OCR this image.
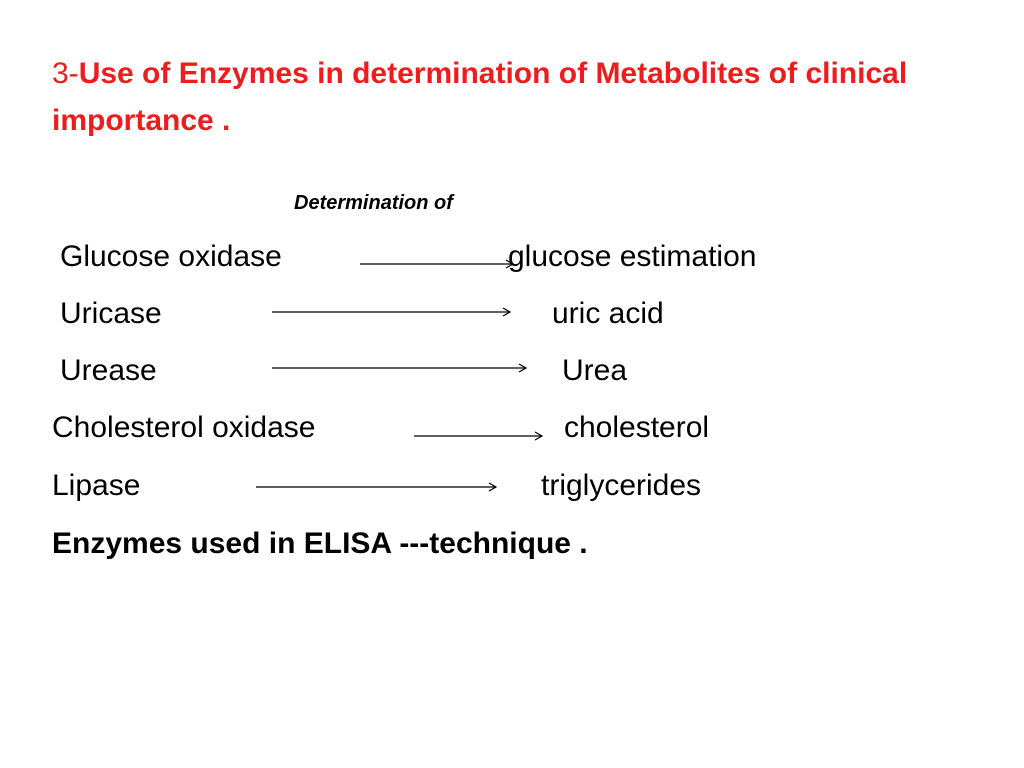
3-Use of Enzymes in determination of Metabolites of clinical importance .

Determination of
Glucose oxidase	glucose estimation
Uricase	uric acid
Urease	Urea
Cholesterol oxidase	cholesterol
Lipase	triglycerides
Enzymes used in ELISA ---technique .
